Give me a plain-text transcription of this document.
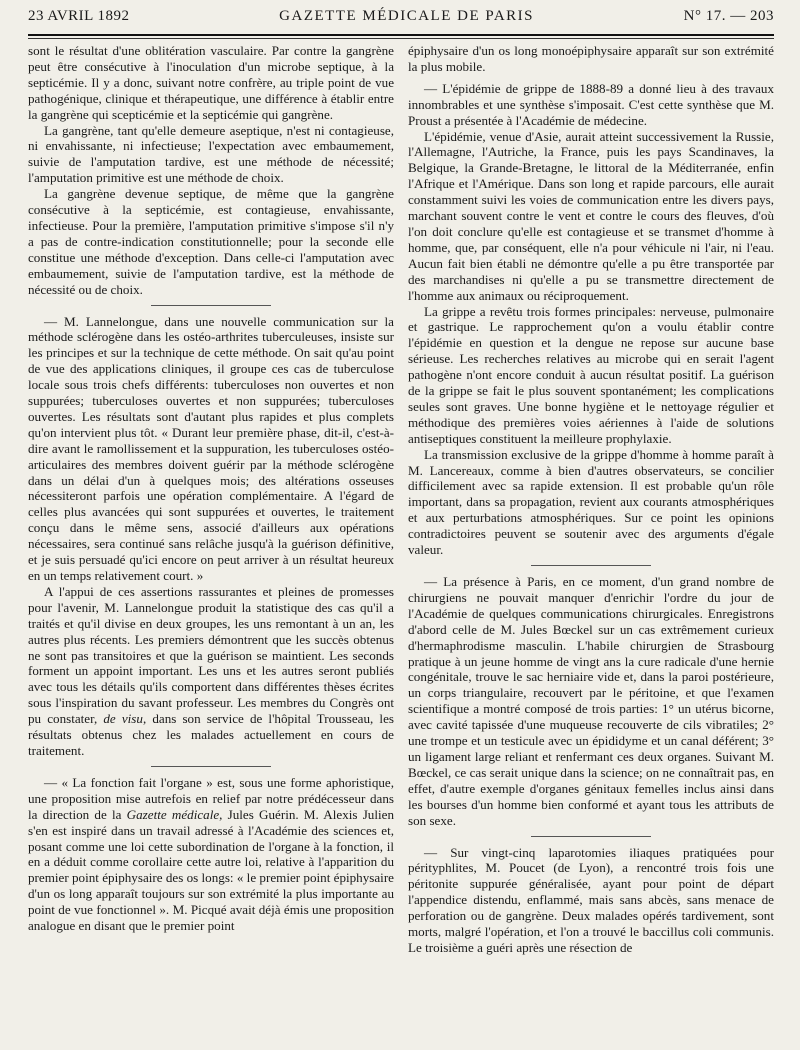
23 AVRIL 1892	GAZETTE MÉDICALE DE PARIS	N° 17. — 203

sont le résultat d'une oblitération vasculaire. Par contre la gangrène peut être consécutive à l'inoculation d'un microbe septique, à la septicémie. Il y a donc, suivant notre confrère, au triple point de vue pathogénique, clinique et thérapeutique, une différence à établir entre la gangrène qui scepticémie et la septicémie qui gangrène.

La gangrène, tant qu'elle demeure aseptique, n'est ni contagieuse, ni envahissante, ni infectieuse; l'expectation avec embaumement, suivie de l'amputation tardive, est une méthode de nécessité; l'amputation primitive est une méthode de choix.

La gangrène devenue septique, de même que la gangrène consécutive à la septicémie, est contagieuse, envahissante, infectieuse. Pour la première, l'amputation primitive s'impose s'il n'y a pas de contre-indication constitutionnelle; pour la seconde elle constitue une méthode d'exception. Dans celle-ci l'amputation avec embaumement, suivie de l'amputation tardive, est la méthode de nécessité ou de choix.

— M. Lannelongue, dans une nouvelle communication sur la méthode sclérogène dans les ostéo-arthrites tuberculeuses, insiste sur les principes et sur la technique de cette méthode. On sait qu'au point de vue des applications cliniques, il groupe ces cas de tuberculose locale sous trois chefs différents: tuberculoses non ouvertes et non suppurées; tuberculoses ouvertes et non suppurées; tuberculoses ouvertes. Les résultats sont d'autant plus rapides et plus complets qu'on intervient plus tôt. « Durant leur première phase, dit-il, c'est-à-dire avant le ramollissement et la suppuration, les tuberculoses ostéo-articulaires des membres doivent guérir par la méthode sclérogène dans un délai d'un à quelques mois; des altérations osseuses nécessiteront parfois une opération complémentaire. A l'égard de celles plus avancées qui sont suppurées et ouvertes, le traitement conçu dans le même sens, associé d'ailleurs aux opérations nécessaires, sera continué sans relâche jusqu'à la guérison définitive, et je suis persuadé qu'ici encore on peut arriver à un résultat heureux en un temps relativement court. »

A l'appui de ces assertions rassurantes et pleines de promesses pour l'avenir, M. Lannelongue produit la statistique des cas qu'il a traités et qu'il divise en deux groupes, les uns remontant à un an, les autres plus récents. Les premiers démontrent que les succès obtenus ne sont pas transitoires et que la guérison se maintient. Les seconds forment un appoint important. Les uns et les autres seront publiés avec tous les détails qu'ils comportent dans différentes thèses écrites sous l'inspiration du savant professeur. Les membres du Congrès ont pu constater, de visu, dans son service de l'hôpital Trousseau, les résultats obtenus chez les malades actuellement en cours de traitement.

— « La fonction fait l'organe » est, sous une forme aphoristique, une proposition mise autrefois en relief par notre prédécesseur dans la direction de la Gazette médicale, Jules Guérin. M. Alexis Julien s'en est inspiré dans un travail adressé à l'Académie des sciences et, posant comme une loi cette subordination de l'organe à la fonction, il en a déduit comme corollaire cette autre loi, relative à l'apparition du premier point épiphysaire des os longs: « le premier point épiphysaire d'un os long apparaît toujours sur son extrémité la plus importante au point de vue fonctionnel ». M. Picqué avait déjà émis une proposition analogue en disant que le premier point

épiphysaire d'un os long monoépiphysaire apparaît sur son extrémité la plus mobile.

— L'épidémie de grippe de 1888-89 a donné lieu à des travaux innombrables et une synthèse s'imposait. C'est cette synthèse que M. Proust a présentée à l'Académie de médecine.

L'épidémie, venue d'Asie, aurait atteint successivement la Russie, l'Allemagne, l'Autriche, la France, puis les pays Scandinaves, la Belgique, la Grande-Bretagne, le littoral de la Méditerranée, enfin l'Afrique et l'Amérique. Dans son long et rapide parcours, elle aurait constamment suivi les voies de communication entre les divers pays, marchant souvent contre le vent et contre le cours des fleuves, d'où l'on doit conclure qu'elle est contagieuse et se transmet d'homme à homme, que, par conséquent, elle n'a pour véhicule ni l'air, ni l'eau. Aucun fait bien établi ne démontre qu'elle a pu être transportée par des marchandises ni qu'elle a pu se transmettre directement de l'homme aux animaux ou réciproquement.

La grippe a revêtu trois formes principales: nerveuse, pulmonaire et gastrique. Le rapprochement qu'on a voulu établir contre l'épidémie en question et la dengue ne repose sur aucune base sérieuse. Les recherches relatives au microbe qui en serait l'agent pathogène n'ont encore conduit à aucun résultat positif. La guérison de la grippe se fait le plus souvent spontanément; les complications seules sont graves. Une bonne hygiène et le nettoyage régulier et méthodique des premières voies aériennes à l'aide de solutions antiseptiques constituent la meilleure prophylaxie.

La transmission exclusive de la grippe d'homme à homme paraît à M. Lancereaux, comme à bien d'autres observateurs, se concilier difficilement avec sa rapide extension. Il est probable qu'un rôle important, dans sa propagation, revient aux courants atmosphériques et aux perturbations atmosphériques. Sur ce point les opinions contradictoires peuvent se soutenir avec des arguments d'égale valeur.

— La présence à Paris, en ce moment, d'un grand nombre de chirurgiens ne pouvait manquer d'enrichir l'ordre du jour de l'Académie de quelques communications chirurgicales. Enregistrons d'abord celle de M. Jules Bœckel sur un cas extrêmement curieux d'hermaphrodisme masculin. L'habile chirurgien de Strasbourg pratique à un jeune homme de vingt ans la cure radicale d'une hernie congénitale, trouve le sac herniaire vide et, dans la paroi postérieure, un corps triangulaire, recouvert par le péritoine, et que l'examen scientifique a montré composé de trois parties: 1° un utérus bicorne, avec cavité tapissée d'une muqueuse recouverte de cils vibratiles; 2° une trompe et un testicule avec un épididyme et un canal déférent; 3° un ligament large reliant et renfermant ces deux organes. Suivant M. Bœckel, ce cas serait unique dans la science; on ne connaîtrait pas, en effet, d'autre exemple d'organes génitaux femelles inclus ainsi dans les bourses d'un homme bien conformé et ayant tous les attributs de son sexe.

— Sur vingt-cinq laparotomies iliaques pratiquées pour pérityphlites, M. Poucet (de Lyon), a rencontré trois fois une péritonite suppurée généralisée, ayant pour point de départ l'appendice distendu, enflammé, mais sans abcès, sans menace de perforation ou de gangrène. Deux malades opérés tardivement, sont morts, malgré l'opération, et l'on a trouvé le baccillus coli communis. Le troisième a guéri après une résection de
